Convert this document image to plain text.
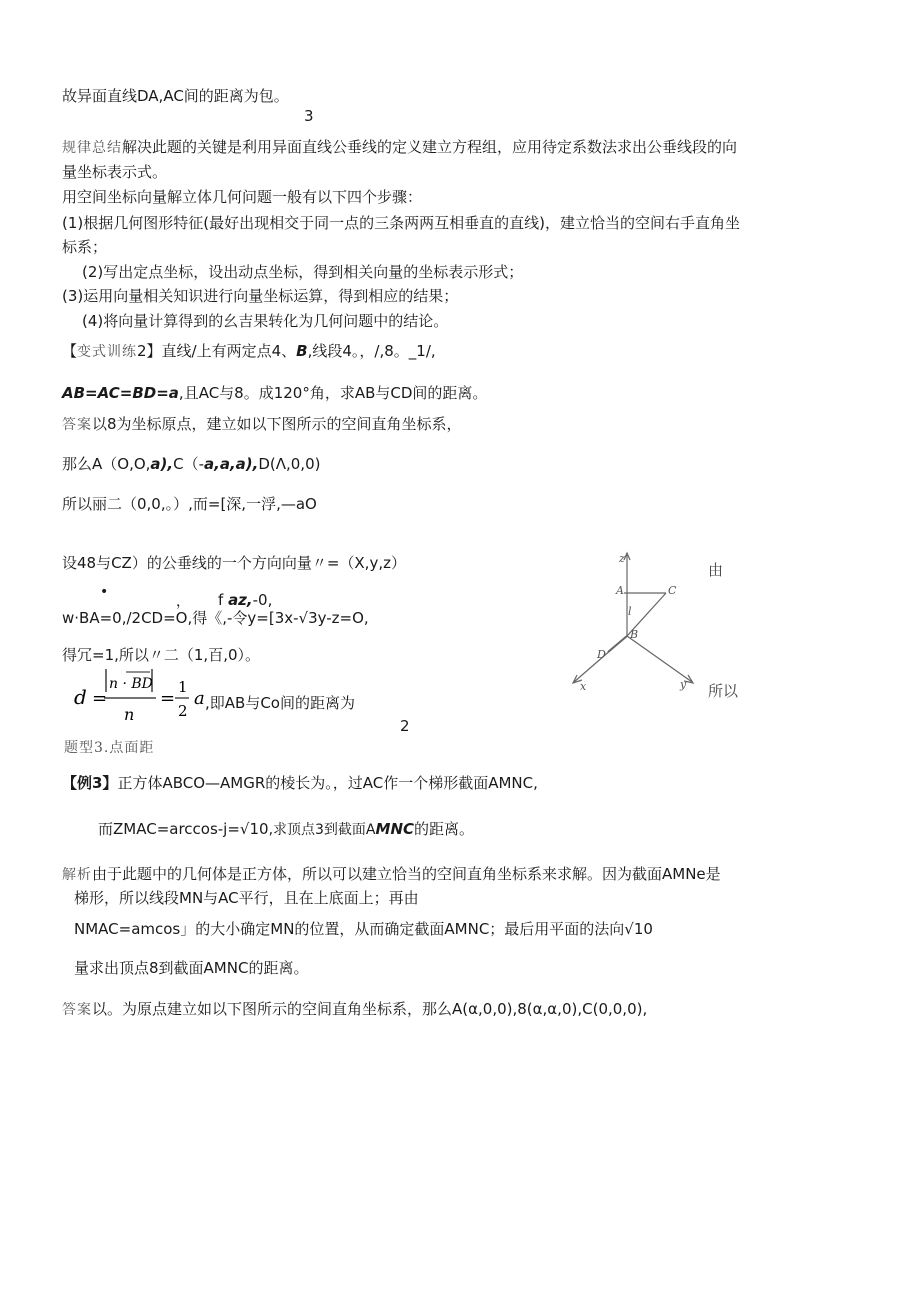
故异面直线DA,AC间的距离为包。
3
规律总结解决此题的关键是利用异面直线公垂线的定义建立方程组，应用待定系数法求出公垂线段的向
量坐标表示式。
用空间坐标向量解立体几何问题一般有以下四个步骤：
(1)根据几何图形特征(最好出现相交于同一点的三条两两互相垂直的直线)，建立恰当的空间右手直角坐
标系；
(2)写出定点坐标，设出动点坐标，得到相关向量的坐标表示形式；
(3)运用向量相关知识进行向量坐标运算，得到相应的结果；
(4)将向量计算得到的幺吉果转化为几何问题中的结论。
【变式训练2】直线/上有两定点4、B,线段4。，/,8。_1/,
AB=AC=BD=a,且AC与8。成120°角，求AB与CD间的距离。
答案以8为坐标原点，建立如以下图所示的空间直角坐标系，
那么A（O,O,a),C（-a,a,a),D(Λ,0,0)
所以丽二（0,0,。）,而=[深,一浮,—aO
设48与CZ）的公垂线的一个方向向量〃=（X,y,z）
•
， f az,-0,
w·BA=0,/2CD=O,得《,-令y=[3x-√3y-z=O,
得冗=1,所以〃二（1,百,0）。
d =
n · BD
n
=
1
2
a ,即AB与Co间的距离为
2
题型3.点面距
【例3】正方体ABCO—AMGR的棱长为。，过AC作一个梯形截面AMNC,
而ZMAC=arccos-j=√10,求顶点3到截面AMNC的距离。
解析由于此题中的几何体是正方体，所以可以建立恰当的空间直角坐标系来求解。因为截面AMNe是
梯形，所以线段MN与AC平行，且在上底面上；再由
NMAC=amcos」的大小确定MN的位置，从而确定截面AMNC；最后用平面的法向√10
量求出顶点8到截面AMNC的距离。
答案以。为原点建立如以下图所示的空间直角坐标系，那么A(α,0,0),8(α,α,0),C(0,0,0),
z
A	C
l
B
D
x	y
由
所以
